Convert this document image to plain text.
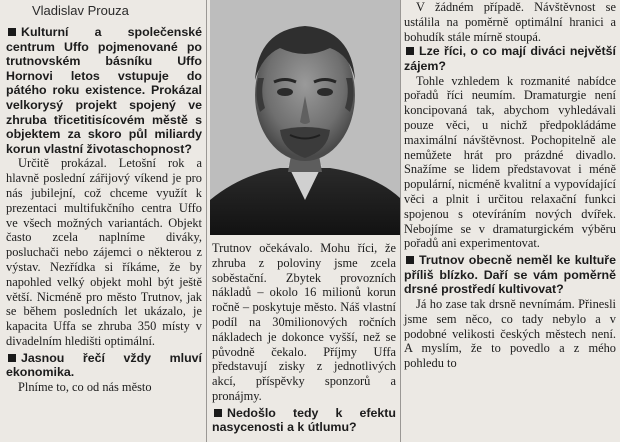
Vladislav Prouza

Kulturní a společenské centrum Uffo pojmenované po trutnovském básníku Uffo Hornovi letos vstupuje do pátého roku existence. Prokázal velkorysý projekt spojený ve zhruba třicetitisícovém městě s objektem za skoro půl miliardy korun vlastní životaschopnost?

Určitě prokázal. Letošní rok a hlavně poslední zářijový víkend je pro nás jubilejní, což chceme využít k prezentaci multifukčního centra Uffo ve všech možných variantách. Objekt často zcela naplníme diváky, posluchači nebo zájemci o některou z výstav. Nezřídka si říkáme, že by napohled velký objekt mohl být ještě větší. Nicméně pro město Trutnov, jak se během posledních let ukázalo, je kapacita Uffa se zhruba 350 místy v divadelním hledišti optimální.

Jasnou řečí vždy mluví ekonomika.

Plníme to, co od nás město

Trutnov očekávalo. Mohu říci, že zhruba z poloviny jsme zcela soběstační. Zbytek provozních nákladů – okolo 16 milionů korun ročně – poskytuje město. Náš vlastní podíl na 30milionových ročních nákladech je dokonce vyšší, než se původně čekalo. Příjmy Uffa představují zisky z jednotlivých akcí, příspěvky sponzorů a pronájmy.

Nedošlo tedy k efektu nasycenosti a k útlumu?

V žádném případě. Návštěvnost se ustálila na poměrně optimální hranici a bohudík stále mírně stoupá.

Lze říci, o co mají diváci největší zájem?

Tohle vzhledem k rozmanité nabídce pořadů říci neumím. Dramaturgie není koncipovaná tak, abychom vyhledávali pouze věci, u nichž předpokládáme maximální návštěvnost. Pochopitelně ale nemůžete hrát pro prázdné divadlo. Snažíme se lidem představovat i méně populární, nicméně kvalitní a vypovídající věci a plnit i určitou relaxační funkci spojenou s otevíráním nových dvířek. Nebojíme se v dramaturgickém výběru pořadů ani experimentovat.

Trutnov obecně neměl ke kultuře příliš blízko. Daří se vám poměrně drsné prostředí kultivovat?

Já ho zase tak drsně nevnímám. Přinesli jsme sem něco, co tady nebylo a v podobné velikosti českých městech není. A myslím, že to povedlo a z mého pohledu to
